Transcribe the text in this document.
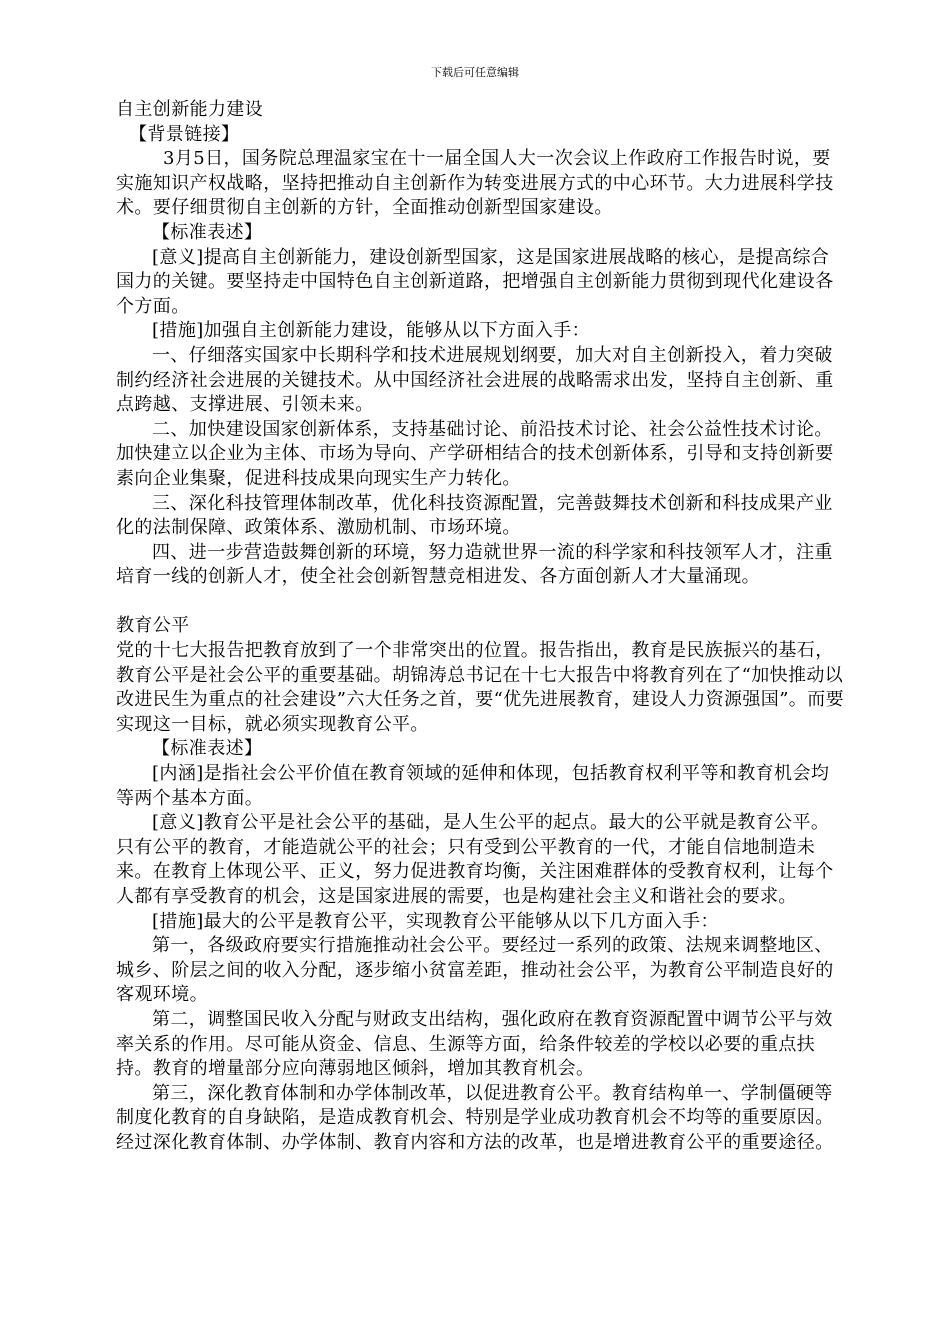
下载后可任意编辑

自主创新能力建设

【背景链接】

3月5日，国务院总理温家宝在十一届全国人大一次会议上作政府工作报告时说，要实施知识产权战略，坚持把推动自主创新作为转变进展方式的中心环节。大力进展科学技术。要仔细贯彻自主创新的方针，全面推动创新型国家建设。

【标准表述】

[意义]提高自主创新能力，建设创新型国家，这是国家进展战略的核心，是提高综合国力的关键。要坚持走中国特色自主创新道路，把增强自主创新能力贯彻到现代化建设各个方面。

[措施]加强自主创新能力建设，能够从以下方面入手：

一、仔细落实国家中长期科学和技术进展规划纲要，加大对自主创新投入，着力突破制约经济社会进展的关键技术。从中国经济社会进展的战略需求出发，坚持自主创新、重点跨越、支撑进展、引领未来。

二、加快建设国家创新体系，支持基础讨论、前沿技术讨论、社会公益性技术讨论。加快建立以企业为主体、市场为导向、产学研相结合的技术创新体系，引导和支持创新要素向企业集聚，促进科技成果向现实生产力转化。

三、深化科技管理体制改革，优化科技资源配置，完善鼓舞技术创新和科技成果产业化的法制保障、政策体系、激励机制、市场环境。

四、进一步营造鼓舞创新的环境，努力造就世界一流的科学家和科技领军人才，注重培育一线的创新人才，使全社会创新智慧竞相进发、各方面创新人才大量涌现。

教育公平

党的十七大报告把教育放到了一个非常突出的位置。报告指出，教育是民族振兴的基石，教育公平是社会公平的重要基础。胡锦涛总书记在十七大报告中将教育列在了“加快推动以改进民生为重点的社会建设”六大任务之首，要“优先进展教育，建设人力资源强国”。而要实现这一目标，就必须实现教育公平。

【标准表述】

[内涵]是指社会公平价值在教育领域的延伸和体现，包括教育权利平等和教育机会均等两个基本方面。

[意义]教育公平是社会公平的基础，是人生公平的起点。最大的公平就是教育公平。只有公平的教育，才能造就公平的社会；只有受到公平教育的一代，才能自信地制造未来。在教育上体现公平、正义，努力促进教育均衡，关注困难群体的受教育权利，让每个人都有享受教育的机会，这是国家进展的需要，也是构建社会主义和谐社会的要求。

[措施]最大的公平是教育公平，实现教育公平能够从以下几方面入手：

第一，各级政府要实行措施推动社会公平。要经过一系列的政策、法规来调整地区、城乡、阶层之间的收入分配，逐步缩小贫富差距，推动社会公平，为教育公平制造良好的客观环境。

第二，调整国民收入分配与财政支出结构，强化政府在教育资源配置中调节公平与效率关系的作用。尽可能从资金、信息、生源等方面，给条件较差的学校以必要的重点扶持。教育的增量部分应向薄弱地区倾斜，增加其教育机会。

第三，深化教育体制和办学体制改革，以促进教育公平。教育结构单一、学制僵硬等制度化教育的自身缺陷，是造成教育机会、特别是学业成功教育机会不均等的重要原因。经过深化教育体制、办学体制、教育内容和方法的改革，也是增进教育公平的重要途径。
